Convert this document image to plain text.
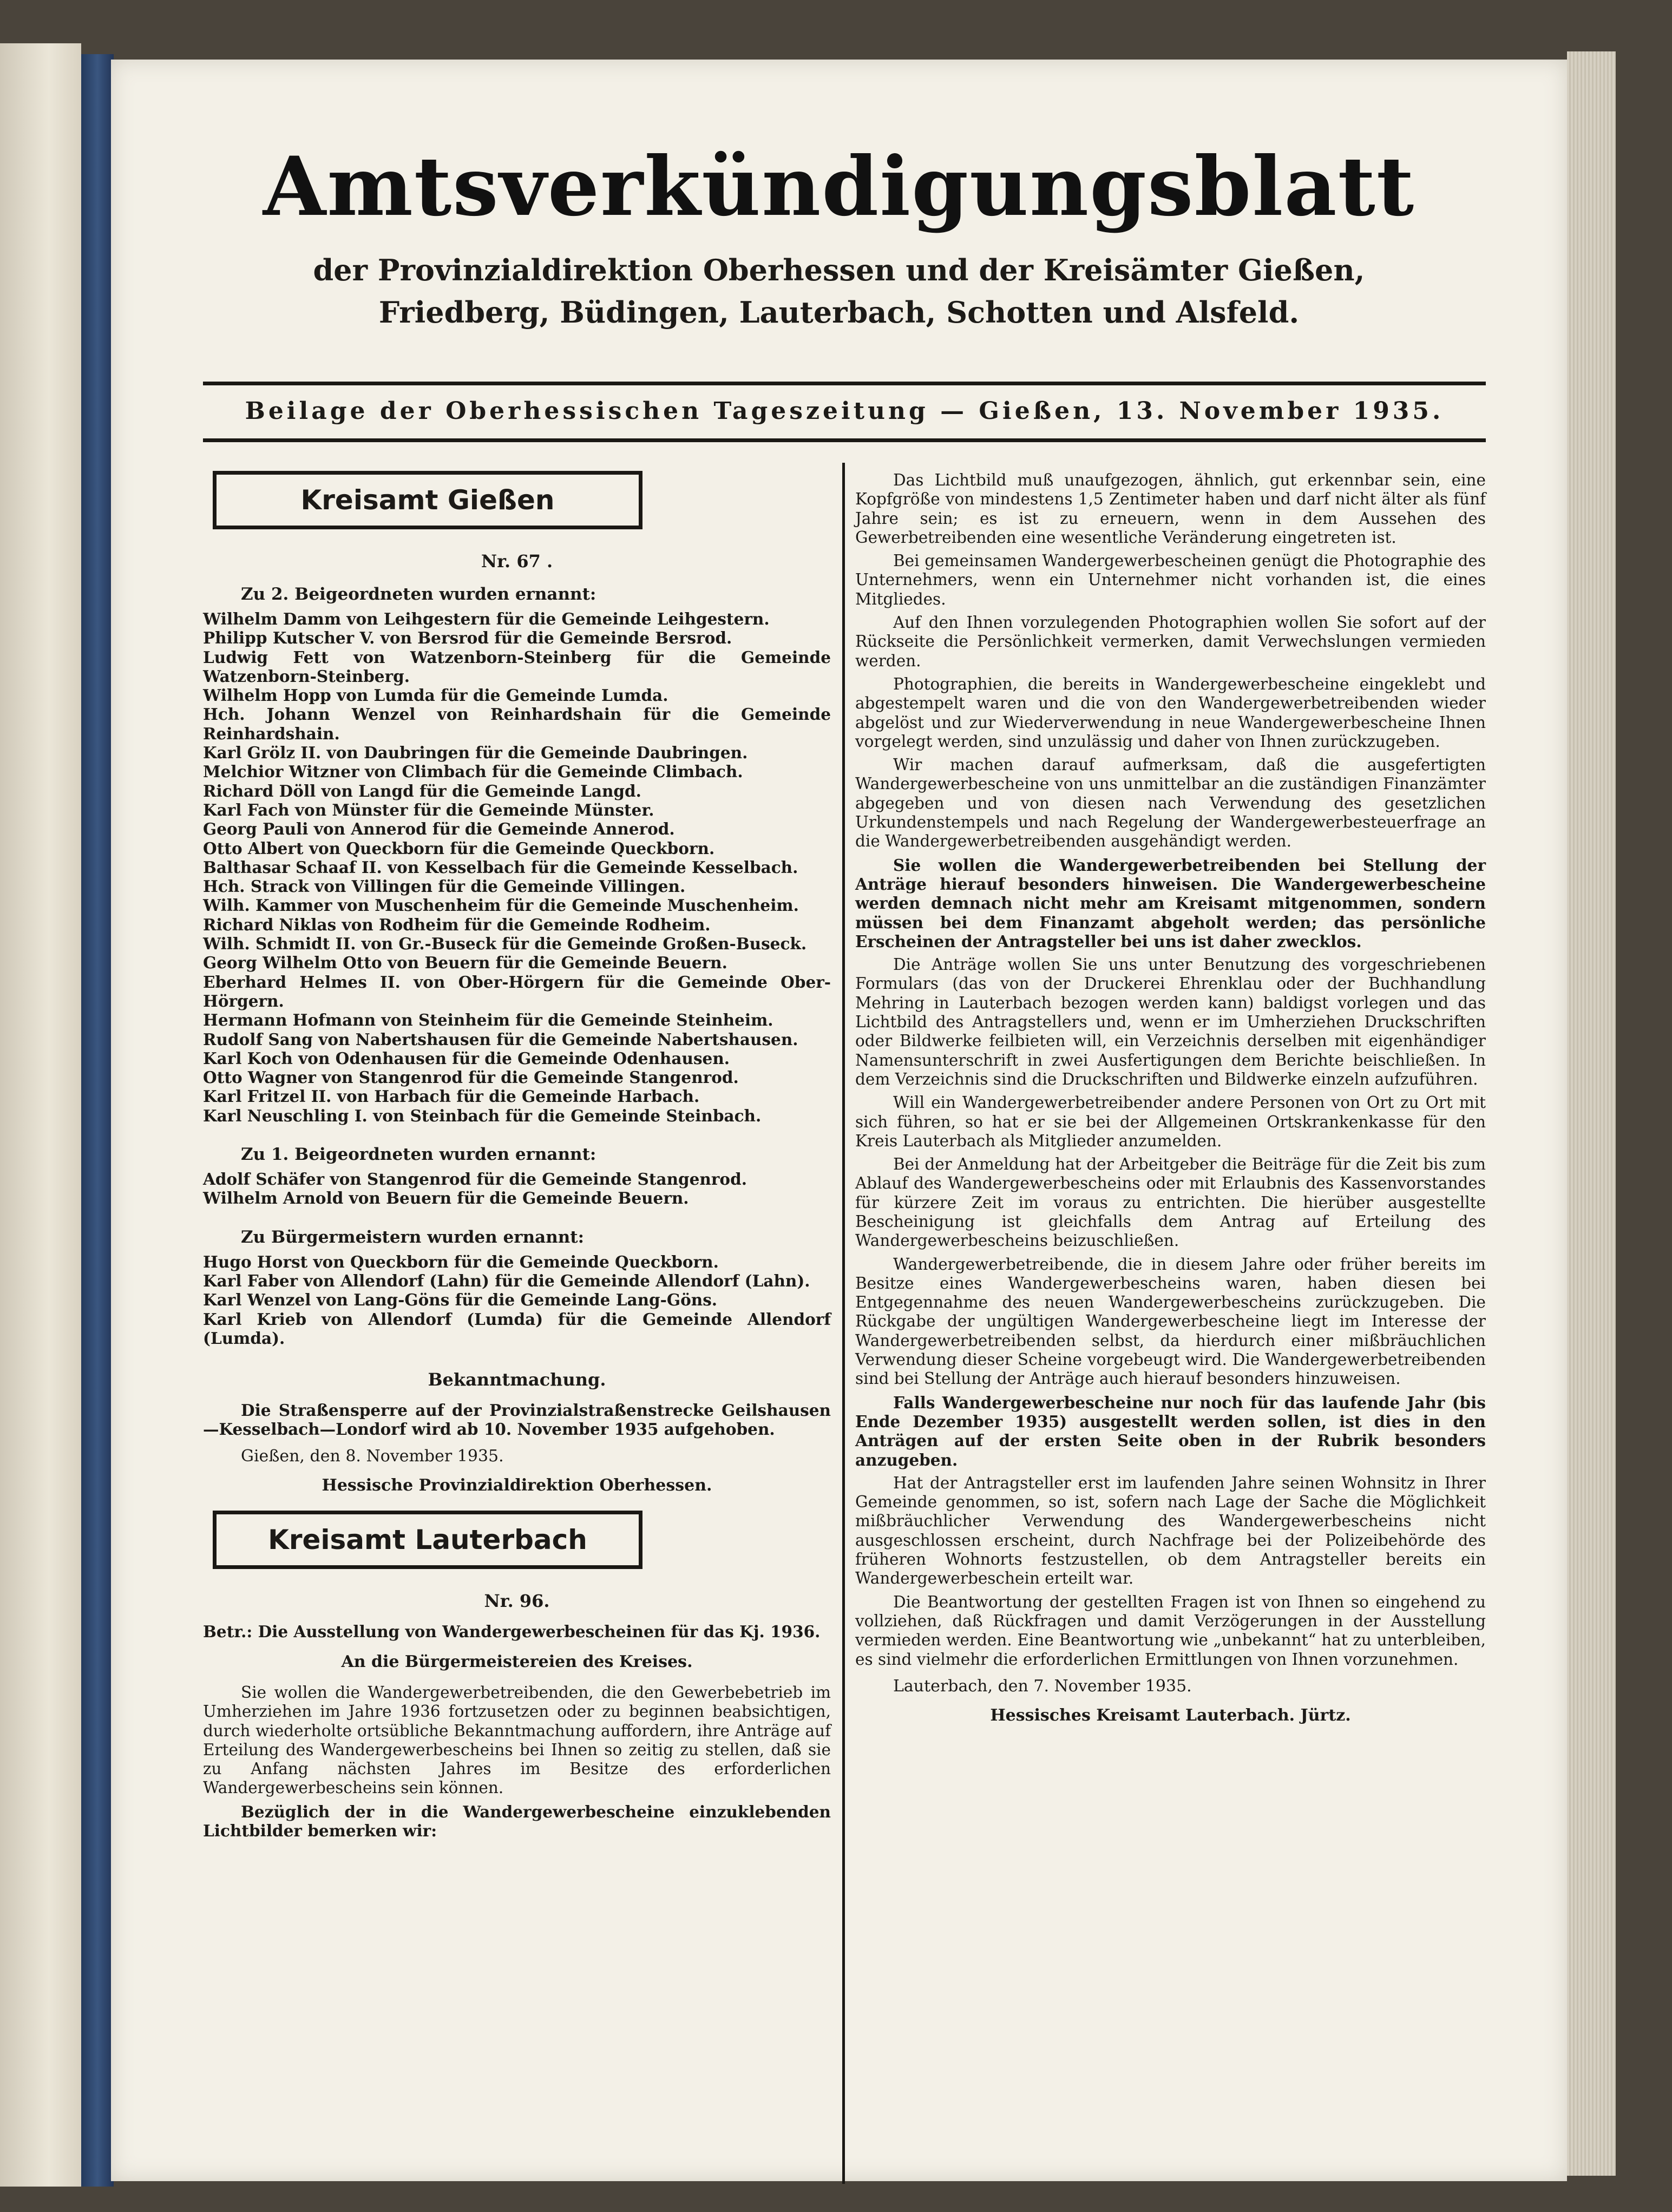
Amtsverkündigungsblatt
der Provinzialdirektion Oberhessen und der Kreisämter Gießen, Friedberg, Büdingen, Lauterbach, Schotten und Alsfeld.
Beilage der Oberhessischen Tageszeitung — Gießen, 13. November 1935.
Kreisamt Gießen
Nr. 67 .
Zu 2. Beigeordneten wurden ernannt:

Wilhelm Damm von Leihgestern für die Gemeinde Leihgestern.

Philipp Kutscher V. von Bersrod für die Gemeinde Bersrod.

Ludwig Fett von Watzenborn-Steinberg für die Gemeinde Watzenborn-Steinberg.

Wilhelm Hopp von Lumda für die Gemeinde Lumda.

Hch. Johann Wenzel von Reinhardshain für die Gemeinde Reinhardshain.

Karl Grölz II. von Daubringen für die Gemeinde Daubringen.

Melchior Witzner von Climbach für die Gemeinde Climbach.

Richard Döll von Langd für die Gemeinde Langd.

Karl Fach von Münster für die Gemeinde Münster.

Georg Pauli von Annerod für die Gemeinde Annerod.

Otto Albert von Queckborn für die Gemeinde Queckborn.

Balthasar Schaaf II. von Kesselbach für die Gemeinde Kesselbach.

Hch. Strack von Villingen für die Gemeinde Villingen.

Wilh. Kammer von Muschenheim für die Gemeinde Muschenheim.

Richard Niklas von Rodheim für die Gemeinde Rodheim.

Wilh. Schmidt II. von Gr.-Buseck für die Gemeinde Großen-Buseck.

Georg Wilhelm Otto von Beuern für die Gemeinde Beuern.

Eberhard Helmes II. von Ober-Hörgern für die Gemeinde Ober-Hörgern.

Hermann Hofmann von Steinheim für die Gemeinde Steinheim.

Rudolf Sang von Nabertshausen für die Gemeinde Nabertshausen.

Karl Koch von Odenhausen für die Gemeinde Odenhausen.

Otto Wagner von Stangenrod für die Gemeinde Stangenrod.

Karl Fritzel II. von Harbach für die Gemeinde Harbach.

Karl Neuschling I. von Steinbach für die Gemeinde Steinbach.

Zu 1. Beigeordneten wurden ernannt:

Adolf Schäfer von Stangenrod für die Gemeinde Stangenrod.

Wilhelm Arnold von Beuern für die Gemeinde Beuern.

Zu Bürgermeistern wurden ernannt:

Hugo Horst von Queckborn für die Gemeinde Queckborn.

Karl Faber von Allendorf (Lahn) für die Gemeinde Allendorf (Lahn).

Karl Wenzel von Lang-Göns für die Gemeinde Lang-Göns.

Karl Krieb von Allendorf (Lumda) für die Gemeinde Allendorf (Lumda).

Bekanntmachung.

Die Straßensperre auf der Provinzialstraßenstrecke Geilshausen—Kesselbach—Londorf wird ab 10. November 1935 aufgehoben.

Gießen, den 8. November 1935.

Hessische Provinzialdirektion Oberhessen.

Kreisamt Lauterbach
Nr. 96.

Betr.: Die Ausstellung von Wandergewerbescheinen für das Kj. 1936.

An die Bürgermeistereien des Kreises.

Sie wollen die Wandergewerbetreibenden, die den Gewerbebetrieb im Umherziehen im Jahre 1936 fortzusetzen oder zu beginnen beabsichtigen, durch wiederholte ortsübliche Bekanntmachung auffordern, ihre Anträge auf Erteilung des Wandergewerbescheins bei Ihnen so zeitig zu stellen, daß sie zu Anfang nächsten Jahres im Besitze des erforderlichen Wandergewerbescheins sein können.

Bezüglich der in die Wandergewerbescheine einzuklebenden Lichtbilder bemerken wir:

Das Lichtbild muß unaufgezogen, ähnlich, gut erkennbar sein, eine Kopfgröße von mindestens 1,5 Zentimeter haben und darf nicht älter als fünf Jahre sein; es ist zu erneuern, wenn in dem Aussehen des Gewerbetreibenden eine wesentliche Veränderung eingetreten ist.

Bei gemeinsamen Wandergewerbescheinen genügt die Photographie des Unternehmers, wenn ein Unternehmer nicht vorhanden ist, die eines Mitgliedes.

Auf den Ihnen vorzulegenden Photographien wollen Sie sofort auf der Rückseite die Persönlichkeit vermerken, damit Verwechslungen vermieden werden.

Photographien, die bereits in Wandergewerbescheine eingeklebt und abgestempelt waren und die von den Wandergewerbetreibenden wieder abgelöst und zur Wiederverwendung in neue Wandergewerbescheine Ihnen vorgelegt werden, sind unzulässig und daher von Ihnen zurückzugeben.

Wir machen darauf aufmerksam, daß die ausgefertigten Wandergewerbescheine von uns unmittelbar an die zuständigen Finanzämter abgegeben und von diesen nach Verwendung des gesetzlichen Urkundenstempels und nach Regelung der Wandergewerbesteuerfrage an die Wandergewerbetreibenden ausgehändigt werden.

Sie wollen die Wandergewerbetreibenden bei Stellung der Anträge hierauf besonders hinweisen. Die Wandergewerbescheine werden demnach nicht mehr am Kreisamt mitgenommen, sondern müssen bei dem Finanzamt abgeholt werden; das persönliche Erscheinen der Antragsteller bei uns ist daher zwecklos.

Die Anträge wollen Sie uns unter Benutzung des vorgeschriebenen Formulars (das von der Druckerei Ehrenklau oder der Buchhandlung Mehring in Lauterbach bezogen werden kann) baldigst vorlegen und das Lichtbild des Antragstellers und, wenn er im Umherziehen Druckschriften oder Bildwerke feilbieten will, ein Verzeichnis derselben mit eigenhändiger Namensunterschrift in zwei Ausfertigungen dem Berichte beischließen. In dem Verzeichnis sind die Druckschriften und Bildwerke einzeln aufzuführen.

Will ein Wandergewerbetreibender andere Personen von Ort zu Ort mit sich führen, so hat er sie bei der Allgemeinen Ortskrankenkasse für den Kreis Lauterbach als Mitglieder anzumelden.

Bei der Anmeldung hat der Arbeitgeber die Beiträge für die Zeit bis zum Ablauf des Wandergewerbescheins oder mit Erlaubnis des Kassenvorstandes für kürzere Zeit im voraus zu entrichten. Die hierüber ausgestellte Bescheinigung ist gleichfalls dem Antrag auf Erteilung des Wandergewerbescheins beizuschließen.

Wandergewerbetreibende, die in diesem Jahre oder früher bereits im Besitze eines Wandergewerbescheins waren, haben diesen bei Entgegennahme des neuen Wandergewerbescheins zurückzugeben. Die Rückgabe der ungültigen Wandergewerbescheine liegt im Interesse der Wandergewerbetreibenden selbst, da hierdurch einer mißbräuchlichen Verwendung dieser Scheine vorgebeugt wird. Die Wandergewerbetreibenden sind bei Stellung der Anträge auch hierauf besonders hinzuweisen.

Falls Wandergewerbescheine nur noch für das laufende Jahr (bis Ende Dezember 1935) ausgestellt werden sollen, ist dies in den Anträgen auf der ersten Seite oben in der Rubrik besonders anzugeben.

Hat der Antragsteller erst im laufenden Jahre seinen Wohnsitz in Ihrer Gemeinde genommen, so ist, sofern nach Lage der Sache die Möglichkeit mißbräuchlicher Verwendung des Wandergewerbescheins nicht ausgeschlossen erscheint, durch Nachfrage bei der Polizeibehörde des früheren Wohnorts festzustellen, ob dem Antragsteller bereits ein Wandergewerbeschein erteilt war.

Die Beantwortung der gestellten Fragen ist von Ihnen so eingehend zu vollziehen, daß Rückfragen und damit Verzögerungen in der Ausstellung vermieden werden. Eine Beantwortung wie „unbekannt“ hat zu unterbleiben, es sind vielmehr die erforderlichen Ermittlungen von Ihnen vorzunehmen.

Lauterbach, den 7. November 1935.

Hessisches Kreisamt Lauterbach. Jürtz.
